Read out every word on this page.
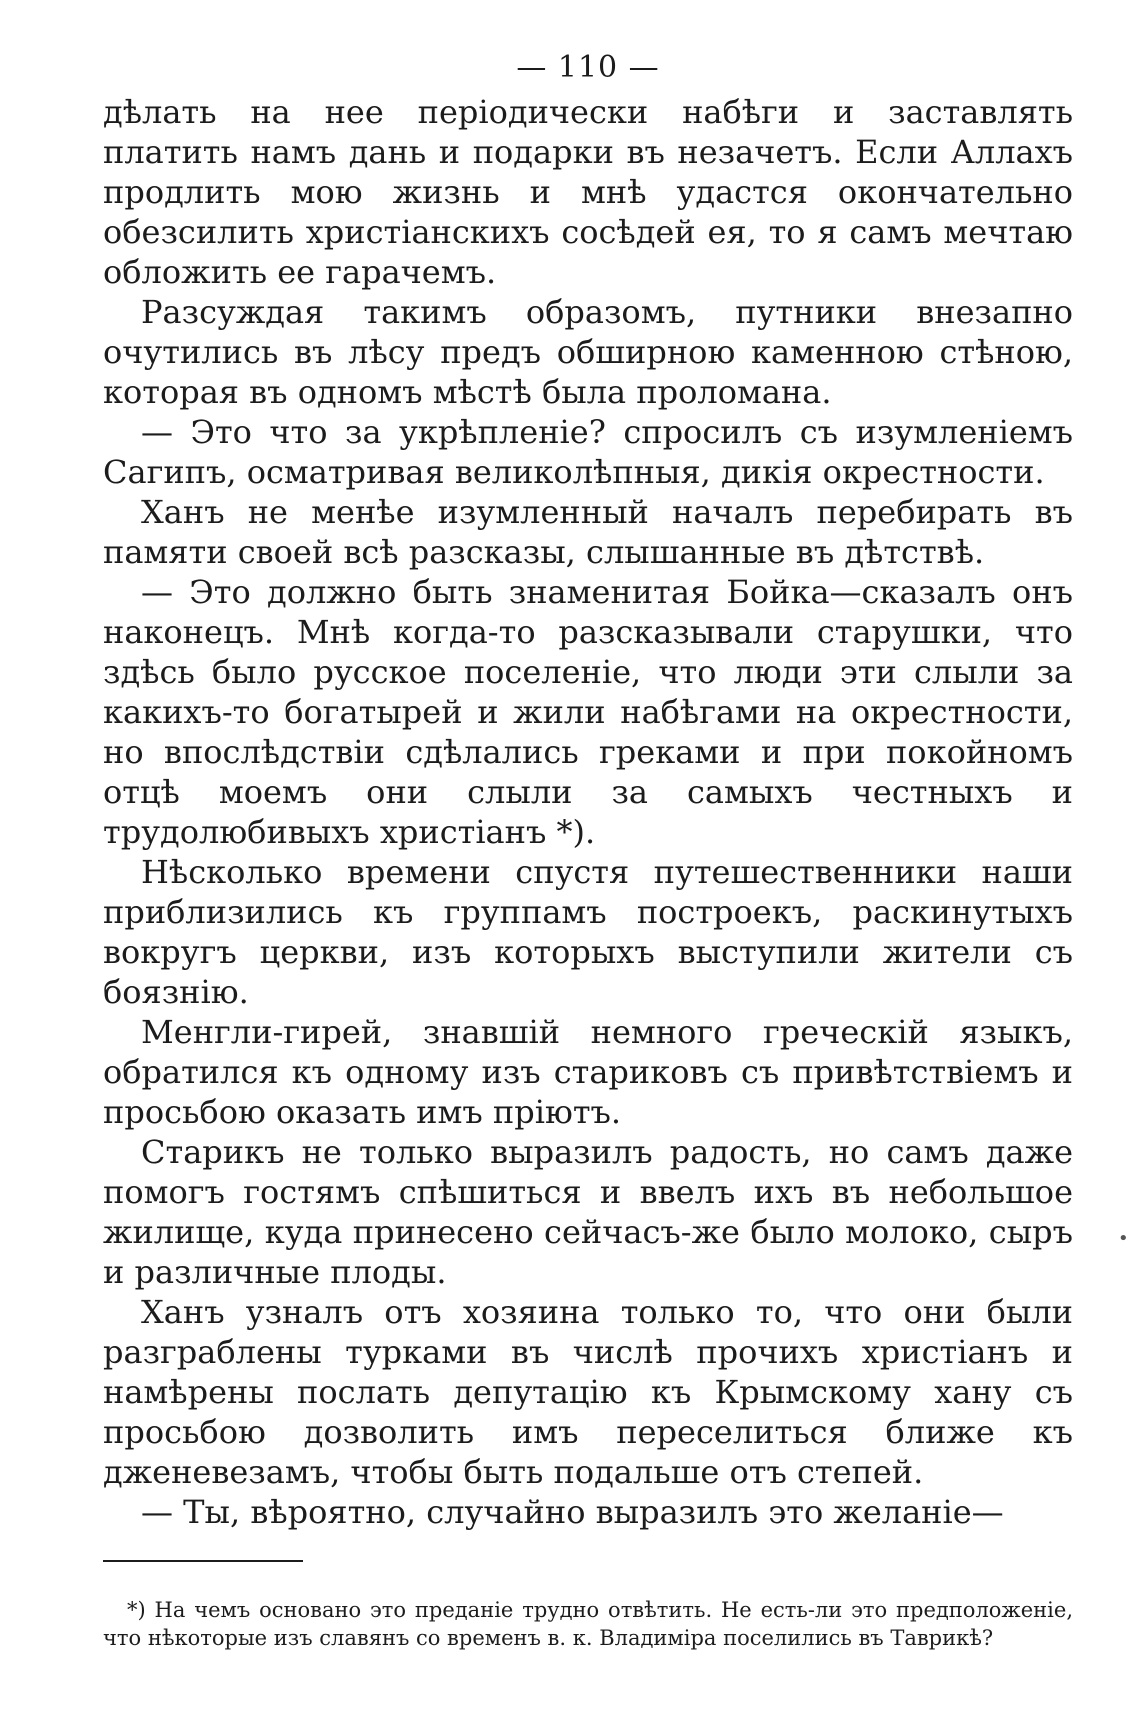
— 110 —

дѣлать на нее періодически набѣги и заставлять платить намъ дань и подарки въ незачетъ. Если Аллахъ продлить мою жизнь и мнѣ удастся окончательно обезсилить христіанскихъ сосѣдей ея, то я самъ мечтаю обложить ее гарачемъ.

Разсуждая такимъ образомъ, путники внезапно очутились въ лѣсу предъ обширною каменною стѣною, которая въ одномъ мѣстѣ была проломана.

— Это что за укрѣпленіе? спросилъ съ изумленіемъ Сагипъ, осматривая великолѣпныя, дикія окрестности.

Ханъ не менѣе изумленный началъ перебирать въ памяти своей всѣ разсказы, слышанные въ дѣтствѣ.

— Это должно быть знаменитая Бойка—сказалъ онъ наконецъ. Мнѣ когда-то разсказывали старушки, что здѣсь было русское поселеніе, что люди эти слыли за какихъ-то богатырей и жили набѣгами на окрестности, но впослѣдствіи сдѣлались греками и при покойномъ отцѣ моемъ они слыли за самыхъ честныхъ и трудолюбивыхъ христіанъ *).

Нѣсколько времени спустя путешественники наши приблизились къ группамъ построекъ, раскинутыхъ вокругъ церкви, изъ которыхъ выступили жители съ боязнію.

Менгли-гирей, знавшій немного греческій языкъ, обратился къ одному изъ стариковъ съ привѣтствіемъ и просьбою оказать имъ пріютъ.

Старикъ не только выразилъ радость, но самъ даже помогъ гостямъ спѣшиться и ввелъ ихъ въ небольшое жилище, куда принесено сейчасъ-же было молоко, сыръ и различные плоды.

Ханъ узналъ отъ хозяина только то, что они были разграблены турками въ числѣ прочихъ христіанъ и намѣрены послать депутацію къ Крымскому хану съ просьбою дозволить имъ переселиться ближе къ дженевезамъ, чтобы быть подальше отъ степей.

— Ты, вѣроятно, случайно выразилъ это желаніе—

*) На чемъ основано это преданіе трудно отвѣтить. Не есть-ли это предположеніе, что нѣкоторые изъ славянъ со временъ в. к. Владиміра поселились въ Таврикѣ?

•
